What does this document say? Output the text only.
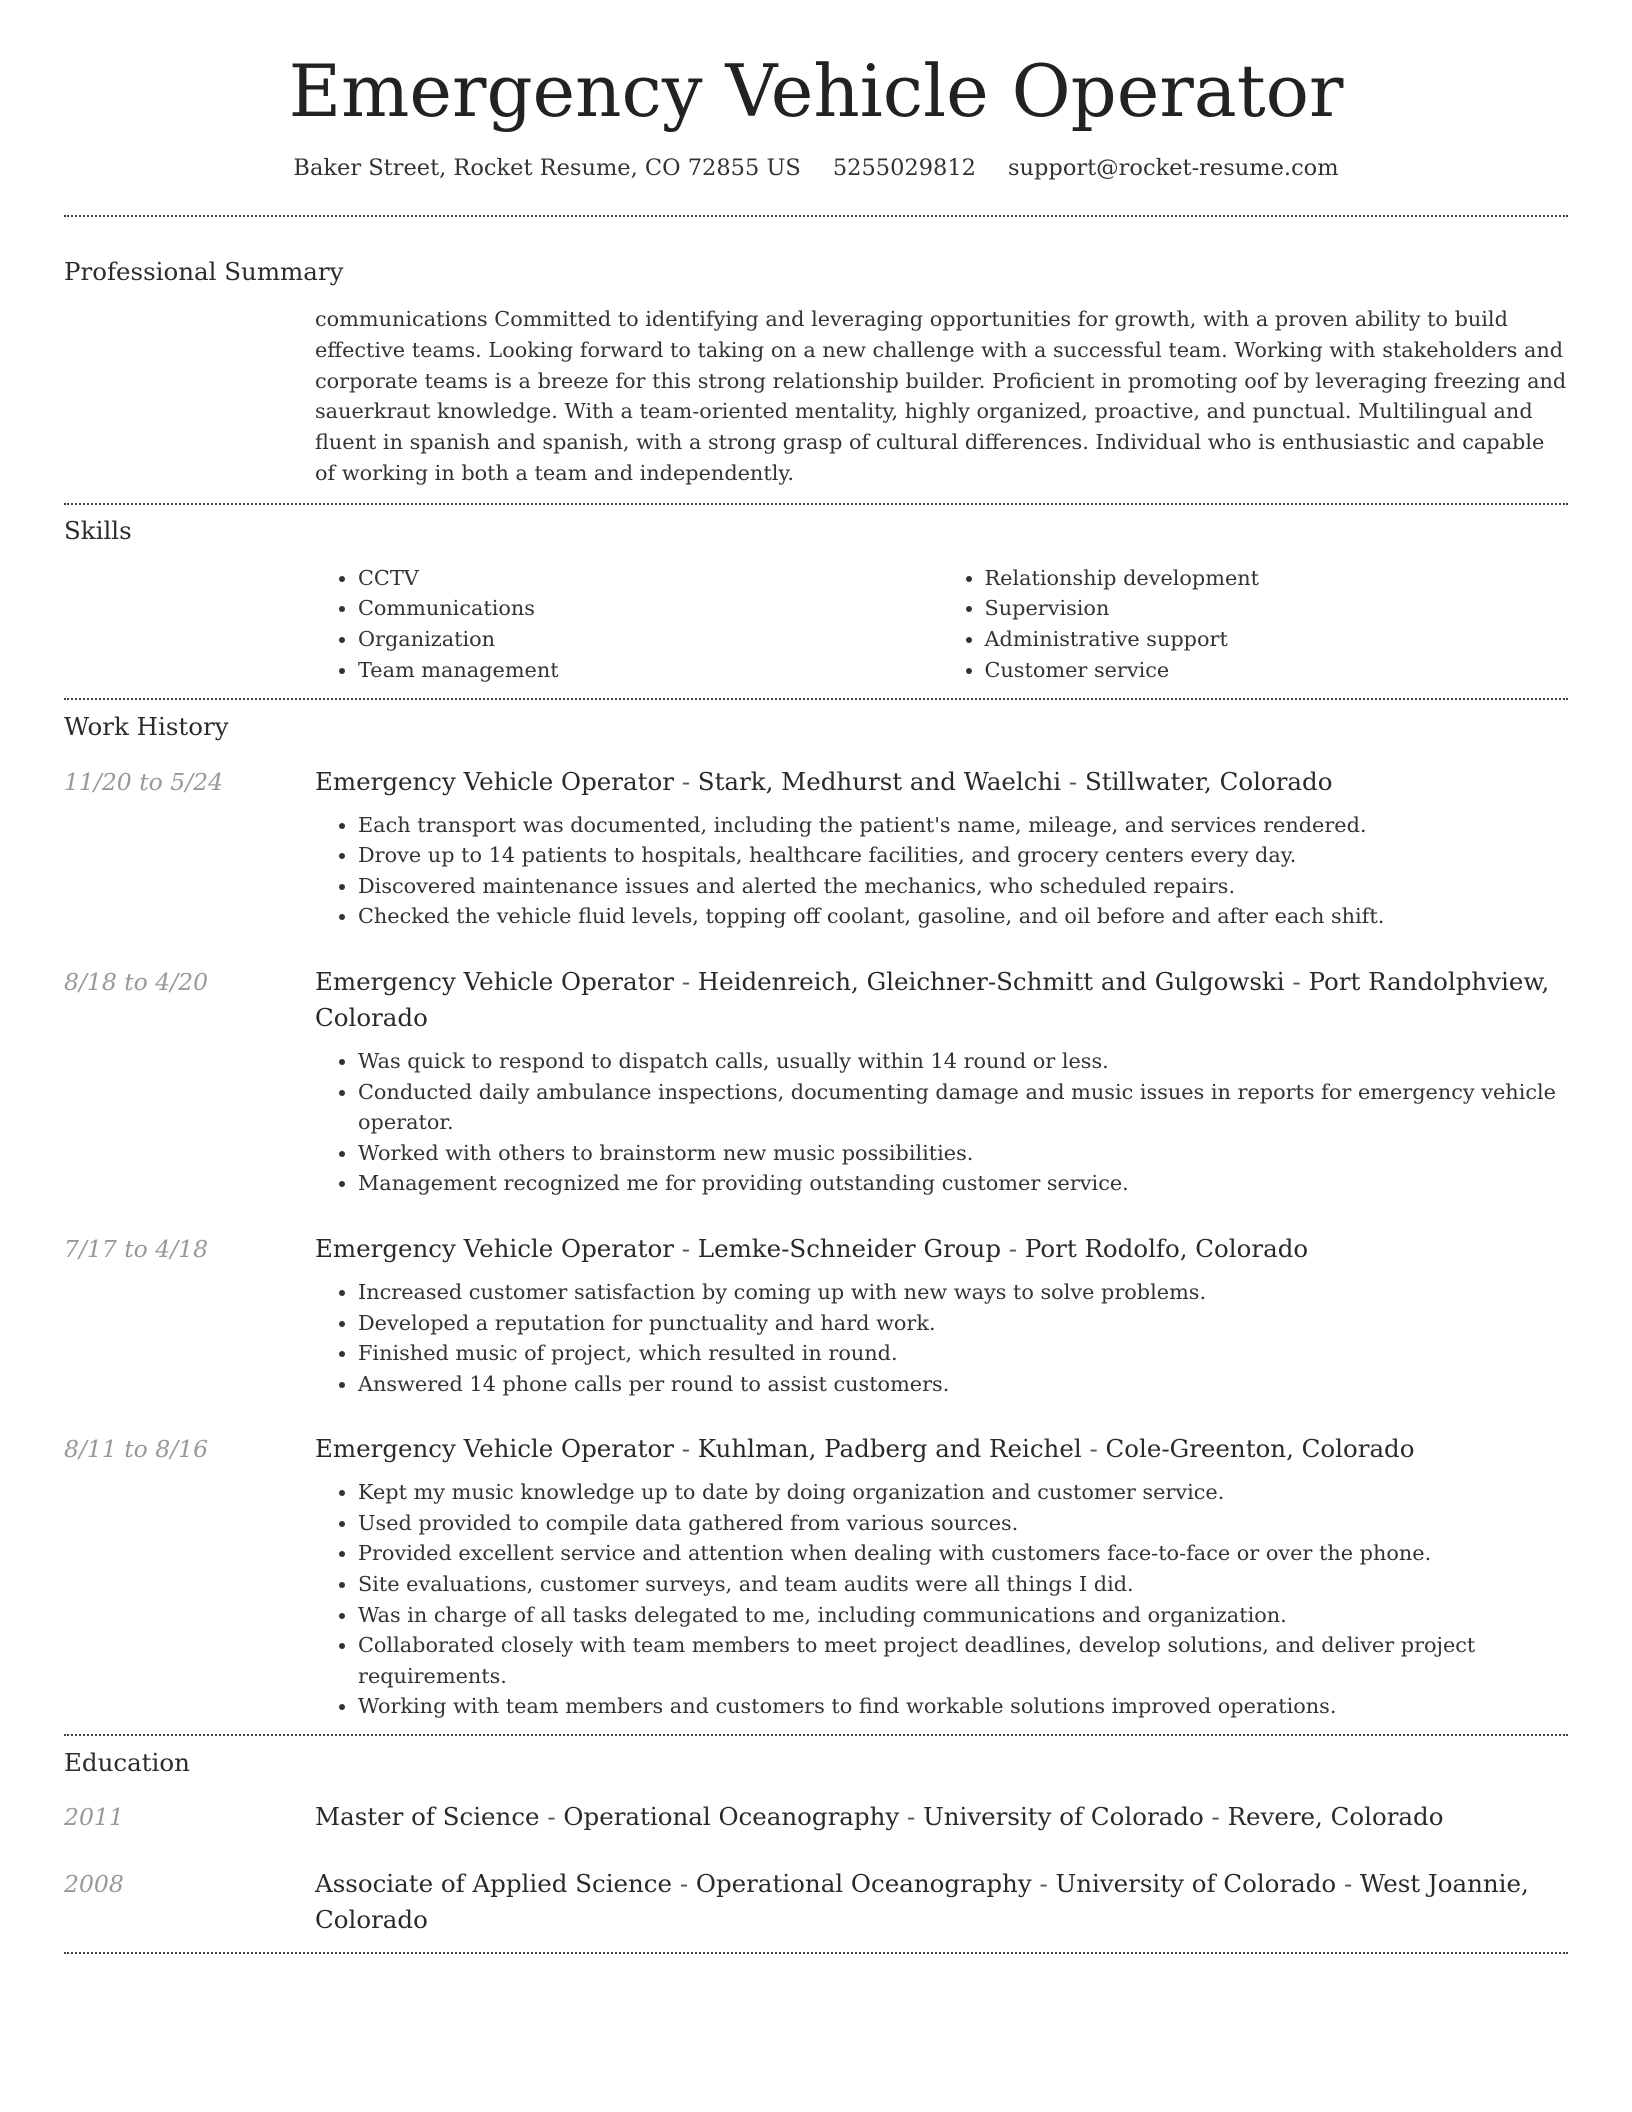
Emergency Vehicle Operator
Baker Street, Rocket Resume, CO 72855 US 5255029812 support@rocket-resume.com
Professional Summary

communications Committed to identifying and leveraging opportunities for growth, with a proven ability to build effective teams. Looking forward to taking on a new challenge with a successful team. Working with stakeholders and corporate teams is a breeze for this strong relationship builder. Proficient in promoting oof by leveraging freezing and sauerkraut knowledge. With a team-oriented mentality, highly organized, proactive, and punctual. Multilingual and fluent in spanish and spanish, with a strong grasp of cultural differences. Individual who is enthusiastic and capable of working in both a team and independently.

Skills
• CCTV
• Communications
• Organization
• Team management
• Relationship development
• Supervision
• Administrative support
• Customer service
Work History
11/20 to 5/24	Emergency Vehicle Operator - Stark, Medhurst and Waelchi - Stillwater, Colorado

• Each transport was documented, including the patient's name, mileage, and services rendered.
• Drove up to 14 patients to hospitals, healthcare facilities, and grocery centers every day.
• Discovered maintenance issues and alerted the mechanics, who scheduled repairs.
• Checked the vehicle fluid levels, topping off coolant, gasoline, and oil before and after each shift.
8/18 to 4/20	Emergency Vehicle Operator - Heidenreich, Gleichner-Schmitt and Gulgowski - Port Randolphview, Colorado

• Was quick to respond to dispatch calls, usually within 14 round or less.
• Conducted daily ambulance inspections, documenting damage and music issues in reports for emergency vehicle operator.
• Worked with others to brainstorm new music possibilities.
• Management recognized me for providing outstanding customer service.
7/17 to 4/18	Emergency Vehicle Operator - Lemke-Schneider Group - Port Rodolfo, Colorado

• Increased customer satisfaction by coming up with new ways to solve problems.
• Developed a reputation for punctuality and hard work.
• Finished music of project, which resulted in round.
• Answered 14 phone calls per round to assist customers.
8/11 to 8/16	Emergency Vehicle Operator - Kuhlman, Padberg and Reichel - Cole-Greenton, Colorado

• Kept my music knowledge up to date by doing organization and customer service.
• Used provided to compile data gathered from various sources.
• Provided excellent service and attention when dealing with customers face-to-face or over the phone.
• Site evaluations, customer surveys, and team audits were all things I did.
• Was in charge of all tasks delegated to me, including communications and organization.
• Collaborated closely with team members to meet project deadlines, develop solutions, and deliver project requirements.
• Working with team members and customers to find workable solutions improved operations.
Education
2011	Master of Science - Operational Oceanography - University of Colorado - Revere, Colorado

2008	Associate of Applied Science - Operational Oceanography - University of Colorado - West Joannie, Colorado
